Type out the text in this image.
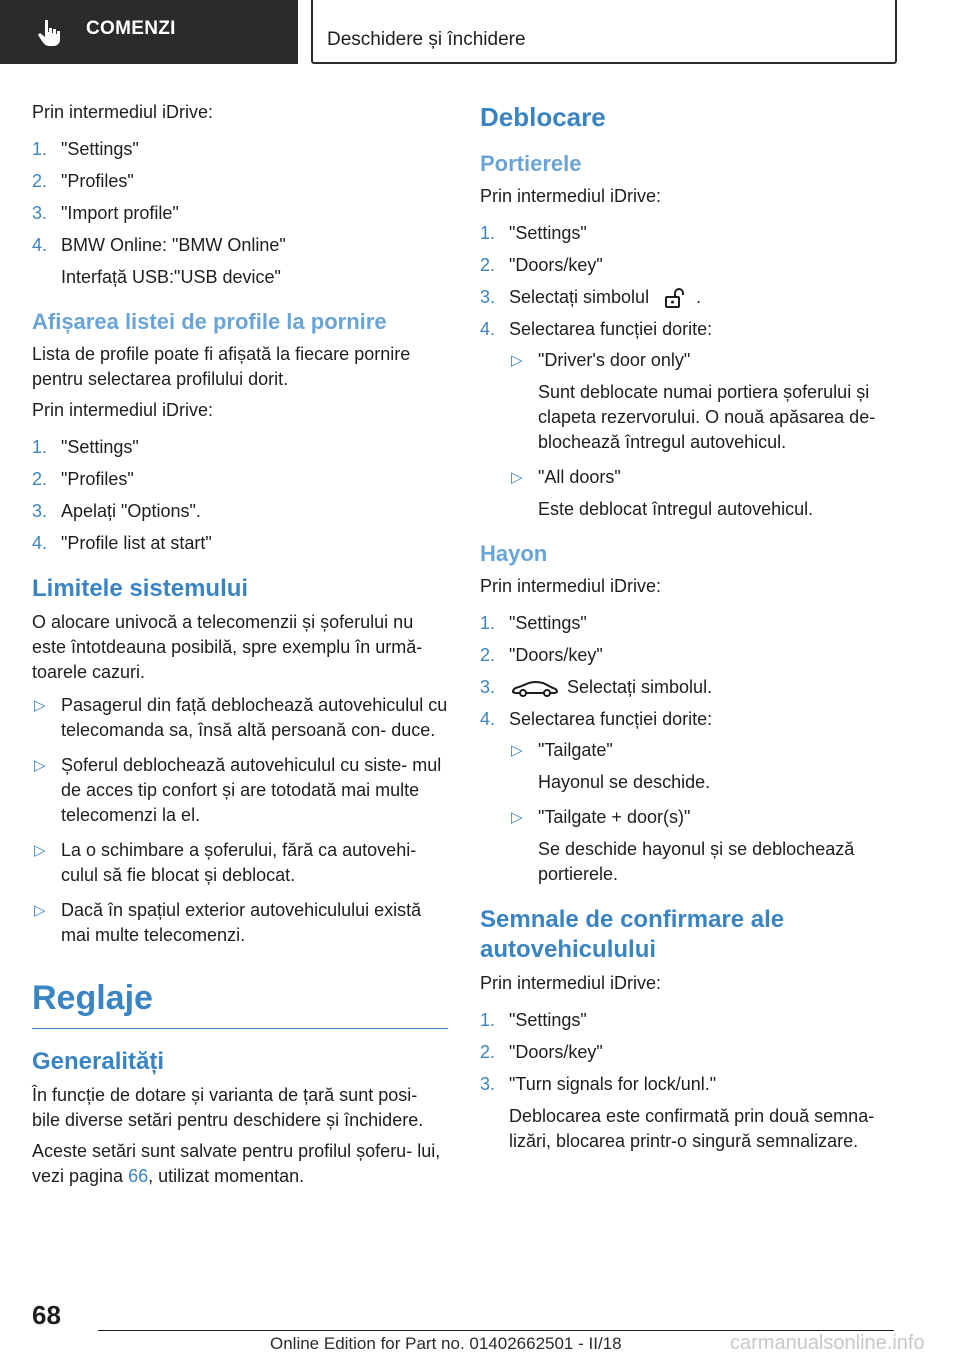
COMENZI
Deschidere și închidere

Prin intermediul iDrive:

1. "Settings"
2. "Profiles"
3. "Import profile"
4. BMW Online: "BMW Online"
Interfață USB:"USB device"
Afișarea listei de profile la pornire

Lista de profile poate fi afișată la fiecare pornire pentru selectarea profilului dorit.

Prin intermediul iDrive:

1. "Settings"
2. "Profiles"
3. Apelați "Options".
4. "Profile list at start"
Limitele sistemului

O alocare univocă a telecomenzii și șoferului nu este întotdeauna posibilă, spre exemplu în urmă- toarele cazuri.

▷ Pasagerul din față deblochează autovehiculul cu telecomanda sa, însă altă persoană con- duce.
▷ Șoferul deblochează autovehiculul cu siste- mul de acces tip confort și are totodată mai multe telecomenzi la el.
▷ La o schimbare a șoferului, fără ca autovehi- culul să fie blocat și deblocat.
▷ Dacă în spațiul exterior autovehiculului există mai multe telecomenzi.
Reglaje
Generalități

În funcție de dotare și varianta de țară sunt posi- bile diverse setări pentru deschidere și închidere.

Aceste setări sunt salvate pentru profilul șoferu- lui, vezi pagina 66, utilizat momentan.

Deblocare
Portierele

Prin intermediul iDrive:

1. "Settings"
2. "Doors/key"
3. Selectați simbolul	.
4. Selectarea funcției dorite:
▷ "Driver's door only"
Sunt deblocate numai portiera șoferului și clapeta rezervorului. O nouă apăsarea de- blochează întregul autovehicul.
▷ "All doors"
Este deblocat întregul autovehicul.
Hayon

Prin intermediul iDrive:

1. "Settings"
2. "Doors/key"
3.	Selectați simbolul.
4. Selectarea funcției dorite:
▷ "Tailgate"
Hayonul se deschide.
▷ "Tailgate + door(s)"
Se deschide hayonul și se deblochează portierele.
Semnale de confirmare ale autovehiculului

Prin intermediul iDrive:

1. "Settings"
2. "Doors/key"
3. "Turn signals for lock/unl."
Deblocarea este confirmată prin două semna- lizări, blocarea printr-o singură semnalizare.
68
Online Edition for Part no. 01402662501 - II/18	carmanualsonline.info
